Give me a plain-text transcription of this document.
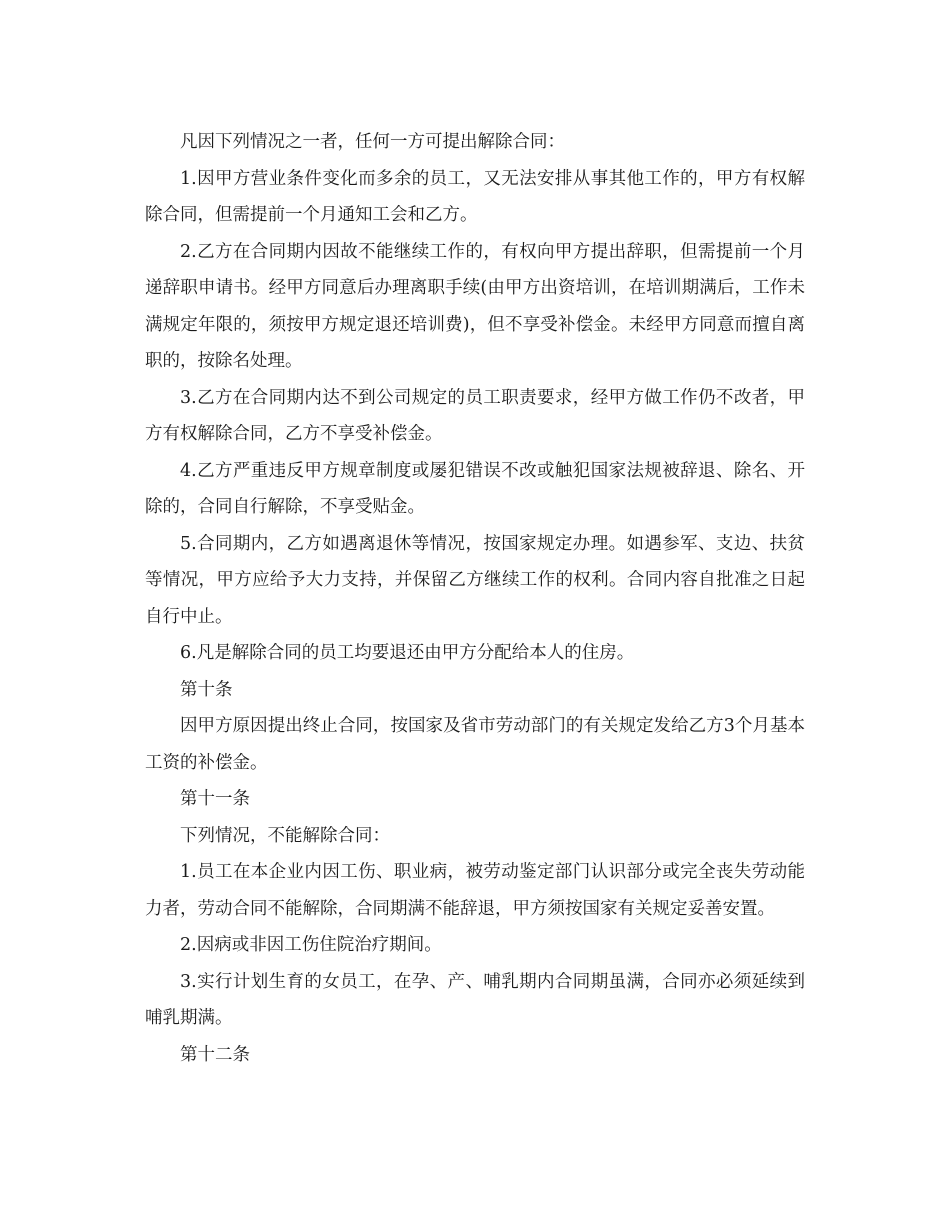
凡因下列情况之一者，任何一方可提出解除合同：

1.因甲方营业条件变化而多余的员工，又无法安排从事其他工作的，甲方有权解除合同，但需提前一个月通知工会和乙方。

2.乙方在合同期内因故不能继续工作的，有权向甲方提出辞职，但需提前一个月递辞职申请书。经甲方同意后办理离职手续(由甲方出资培训，在培训期满后，工作未满规定年限的，须按甲方规定退还培训费)，但不享受补偿金。未经甲方同意而擅自离职的，按除名处理。

3.乙方在合同期内达不到公司规定的员工职责要求，经甲方做工作仍不改者，甲方有权解除合同，乙方不享受补偿金。

4.乙方严重违反甲方规章制度或屡犯错误不改或触犯国家法规被辞退、除名、开除的，合同自行解除，不享受贴金。

5.合同期内，乙方如遇离退休等情况，按国家规定办理。如遇参军、支边、扶贫等情况，甲方应给予大力支持，并保留乙方继续工作的权利。合同内容自批准之日起自行中止。

6.凡是解除合同的员工均要退还由甲方分配给本人的住房。

第十条

因甲方原因提出终止合同，按国家及省市劳动部门的有关规定发给乙方3个月基本工资的补偿金。

第十一条

下列情况，不能解除合同：

1.员工在本企业内因工伤、职业病，被劳动鉴定部门认识部分或完全丧失劳动能力者，劳动合同不能解除，合同期满不能辞退，甲方须按国家有关规定妥善安置。

2.因病或非因工伤住院治疗期间。

3.实行计划生育的女员工，在孕、产、哺乳期内合同期虽满，合同亦必须延续到哺乳期满。

第十二条
